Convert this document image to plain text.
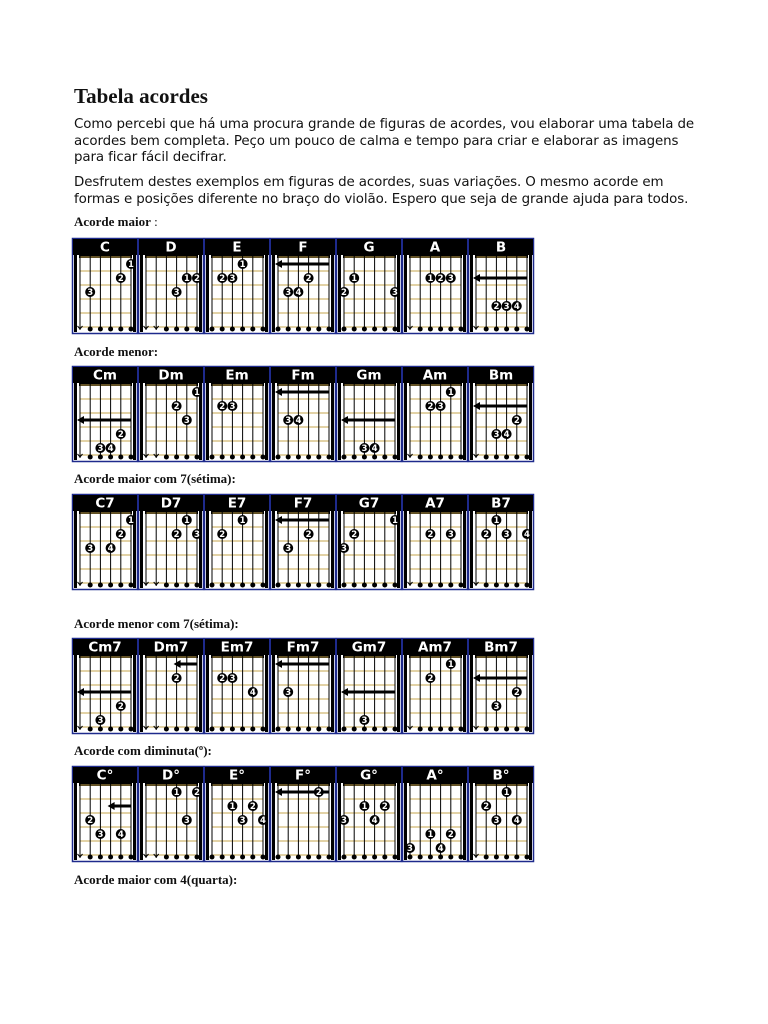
Tabela acordes

Como percebi que há uma procura grande de figuras de acordes, vou elaborar uma tabela de acordes bem completa. Peço um pouco de calma e tempo para criar e elaborar as imagens para ficar fácil decifrar.

Desfrutem destes exemplos em figuras de acordes, suas variações. O mesmo acorde em formas e posições diferente no braço do violão. Espero que seja de grande ajuda para todos.

Acorde maior :
C
1
2
3
D
1
3
2
E
2 3
1
F
2
3 4
G
1
2	3
A
1 2 3
B
2 3 4
Acorde menor:
Cm
2
3 4
Dm
1
2
3
Em
2 3
Fm
3 4
Gm
3 4
Am
1
2 3
Bm
2
3 4
Acorde maior com 7(sétima):
C7
1
2
3 4
D7
1
2 3
E7
2
1
F7
2
3
G7
1
2
3
A7
2 3
B7
1
2 3 4
Acorde menor com 7(sétima):
Cm7
2
3
Dm7
2
Em7
2 3
4
Fm7
3
Gm7
3
Am7
1
2
Bm7
2
3
Acorde com diminuta(º):
C°
2
3 4
D°
1 2
3
E°
1 2
3 4
F°
2
G°
1 2
3	4
A°
1 2
3	4
B°
1
2
3 4
Acorde maior com 4(quarta):
